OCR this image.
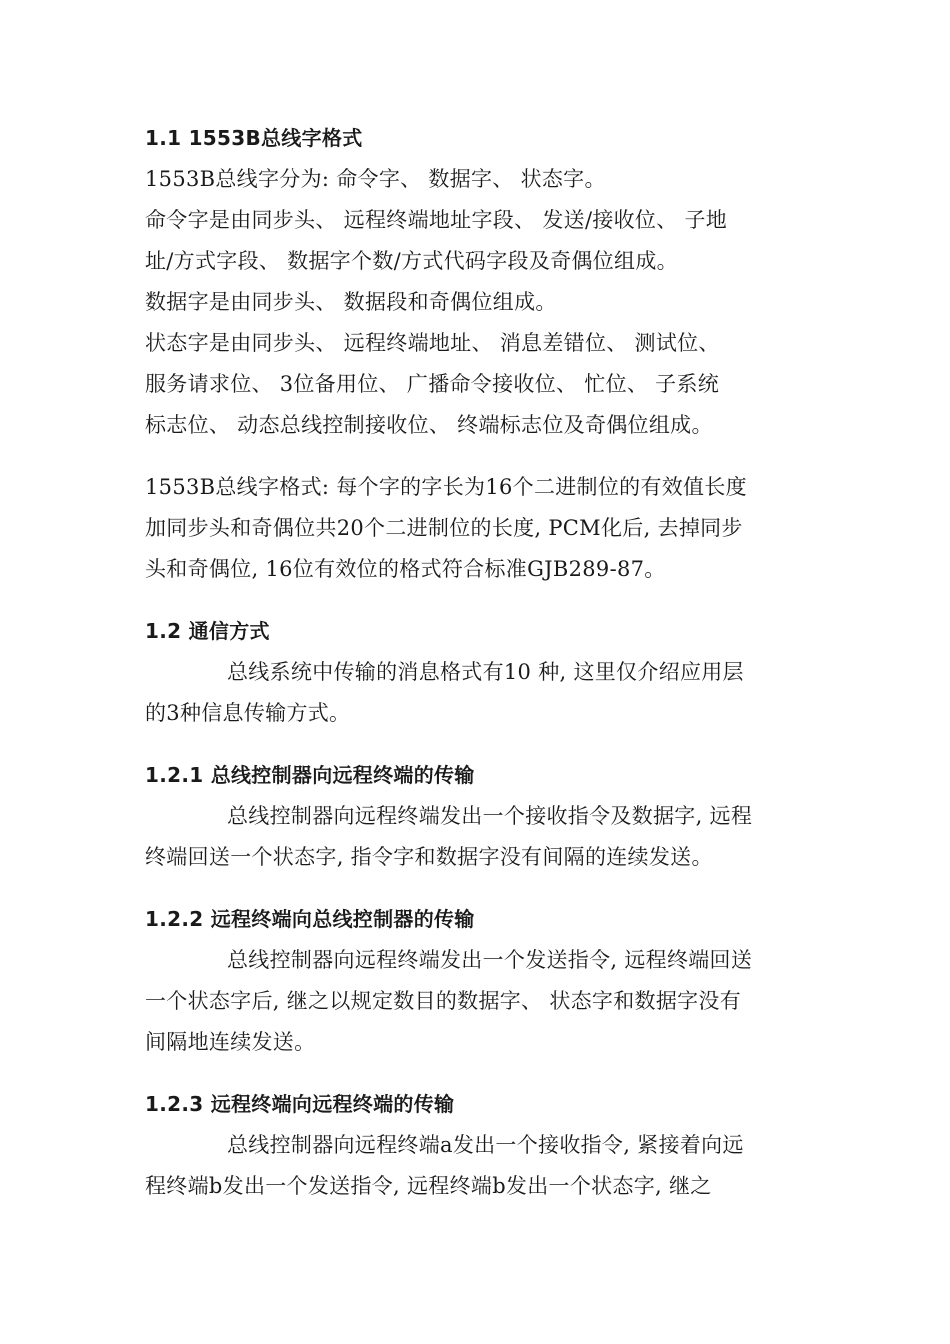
1.1 1553B总线字格式
1553B总线字分为: 命令字、 数据字、 状态字。
命令字是由同步头、 远程终端地址字段、 发送/接收位、 子地
址/方式字段、 数据字个数/方式代码字段及奇偶位组成。
数据字是由同步头、 数据段和奇偶位组成。
状态字是由同步头、 远程终端地址、 消息差错位、 测试位、
服务请求位、 3位备用位、 广播命令接收位、 忙位、 子系统
标志位、 动态总线控制接收位、 终端标志位及奇偶位组成。
1553B总线字格式: 每个字的字长为16个二进制位的有效值长度
加同步头和奇偶位共20个二进制位的长度, PCM化后, 去掉同步
头和奇偶位, 16位有效位的格式符合标准GJB289-87。
1.2 通信方式
总线系统中传输的消息格式有10 种, 这里仅介绍应用层
的3种信息传输方式。
1.2.1 总线控制器向远程终端的传输
总线控制器向远程终端发出一个接收指令及数据字, 远程
终端回送一个状态字, 指令字和数据字没有间隔的连续发送。
1.2.2 远程终端向总线控制器的传输
总线控制器向远程终端发出一个发送指令, 远程终端回送
一个状态字后, 继之以规定数目的数据字、 状态字和数据字没有
间隔地连续发送。
1.2.3 远程终端向远程终端的传输
总线控制器向远程终端a发出一个接收指令, 紧接着向远
程终端b发出一个发送指令, 远程终端b发出一个状态字, 继之
